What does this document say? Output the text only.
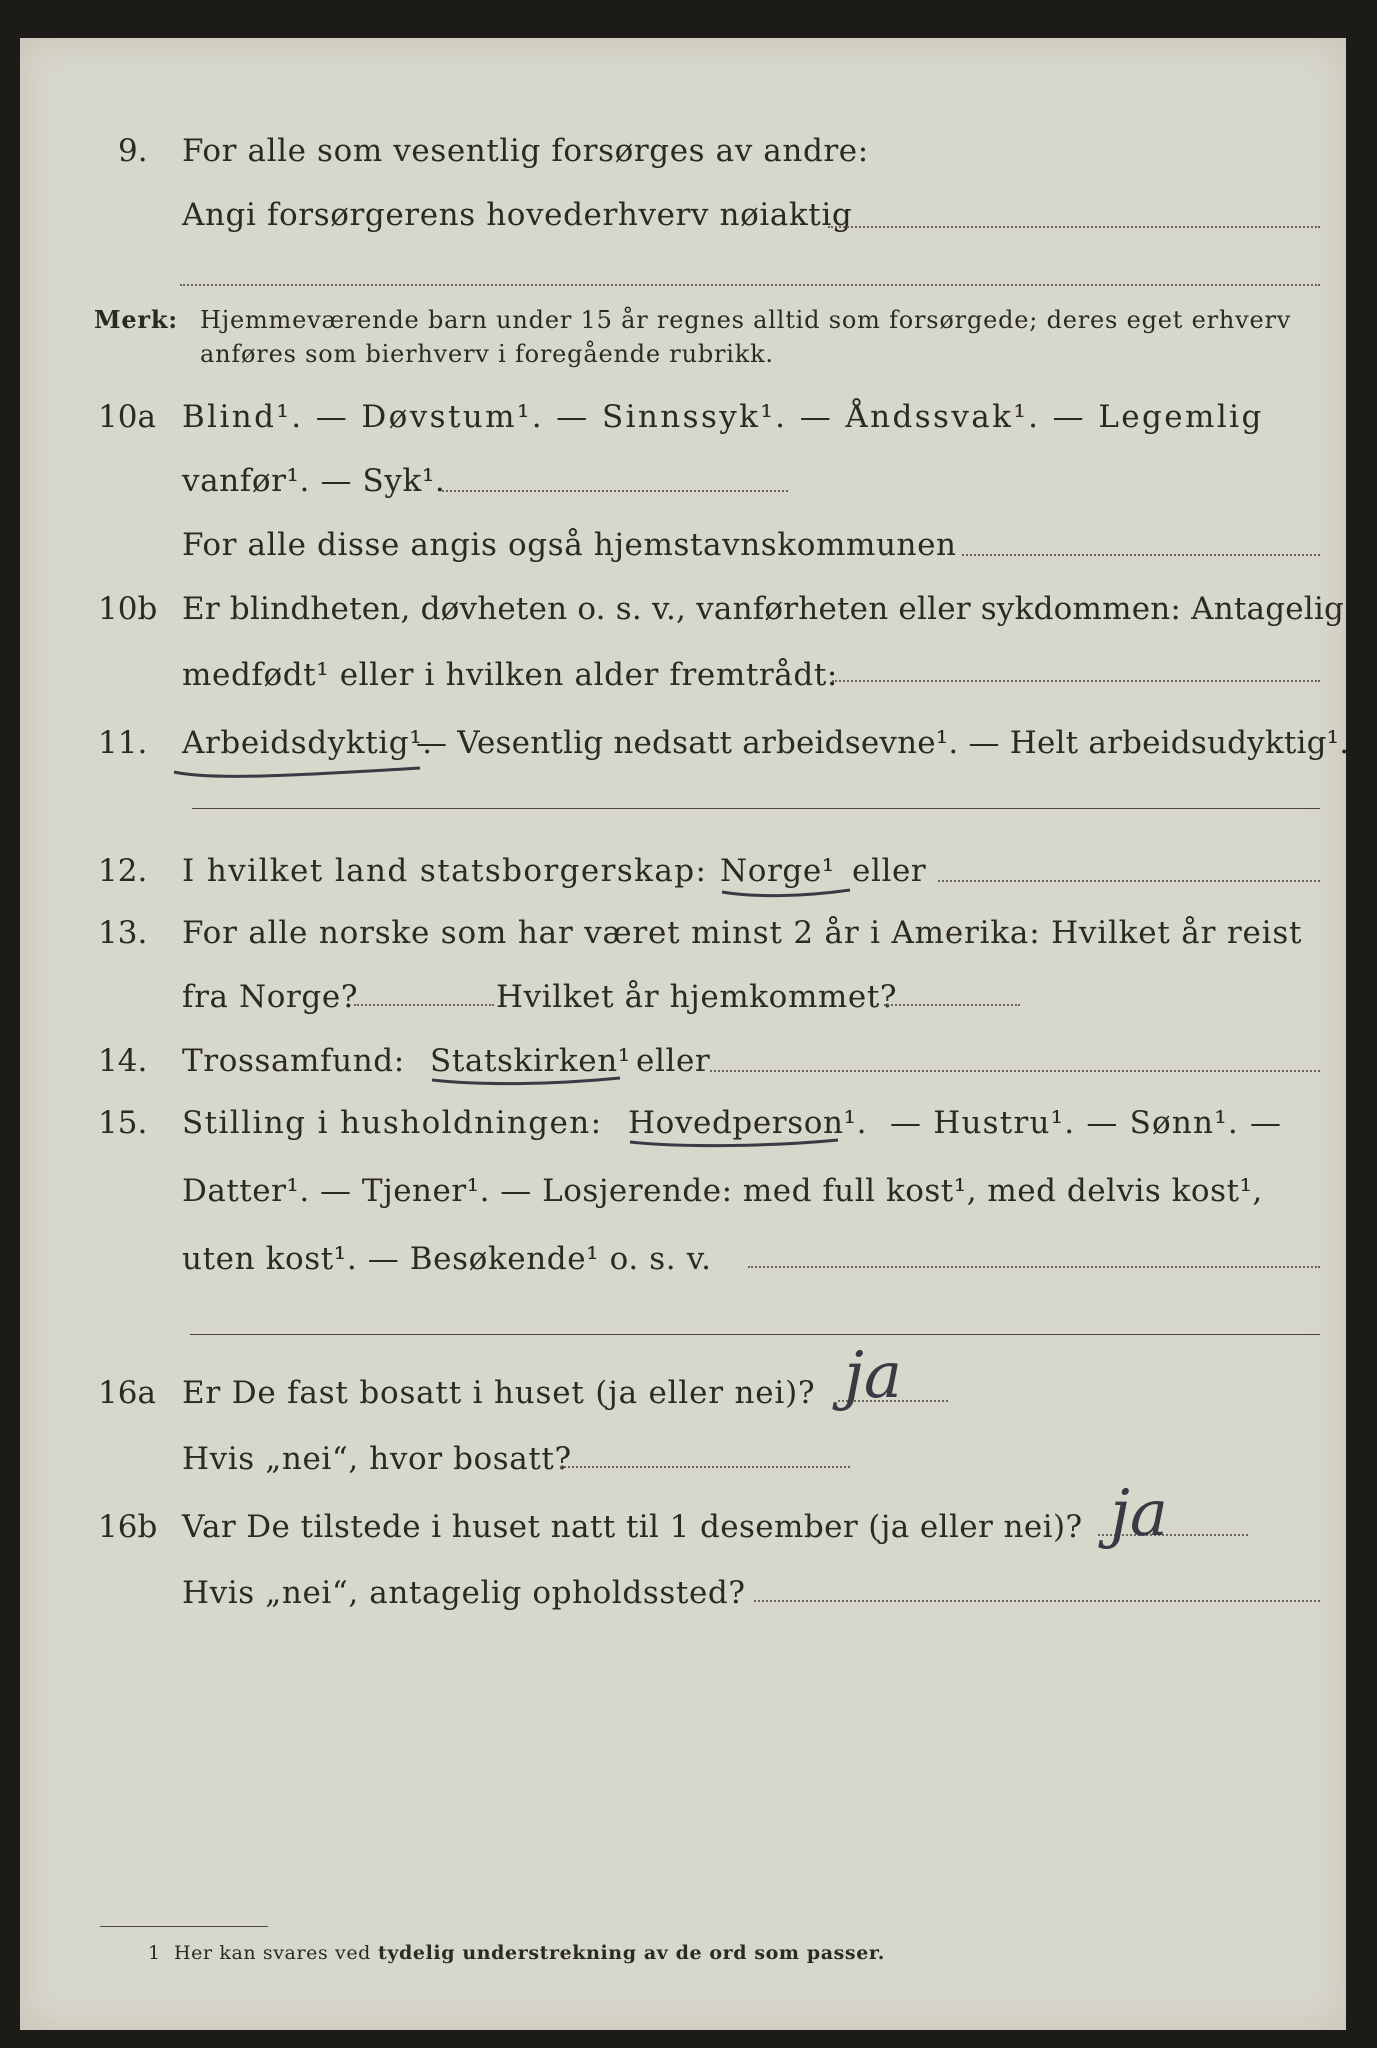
9. For alle som vesentlig forsørges av andre:
Angi forsørgerens hovederhverv nøiaktig
Merk: Hjemmeværende barn under 15 år regnes alltid som forsørgede; deres eget erhverv
anføres som bierhverv i foregående rubrikk.
10a Blind¹. — Døvstum¹. — Sinnssyk¹. — Åndssvak¹. — Legemlig
vanfør¹. — Syk¹.
For alle disse angis også hjemstavnskommunen
10b Er blindheten, døvheten o. s. v., vanførheten eller sykdommen: Antagelig
medfødt¹ eller i hvilken alder fremtrådt:
11. Arbeidsdyktig¹.
— Vesentlig nedsatt arbeidsevne¹. — Helt arbeidsudyktig¹.
12. I hvilket land statsborgerskap: Norge¹ eller
13. For alle norske som har været minst 2 år i Amerika: Hvilket år reist
fra Norge?	Hvilket år hjemkommet?
14. Trossamfund: Statskirken¹ eller
15. Stilling i husholdningen: Hovedperson¹. — Hustru¹. — Sønn¹. —
Datter¹. — Tjener¹. — Losjerende: med full kost¹, med delvis kost¹,
uten kost¹. — Besøkende¹ o. s. v.
16a Er De fast bosatt i huset (ja eller nei)? ja
Hvis „nei“, hvor bosatt?
16b Var De tilstede i huset natt til 1 desember (ja eller nei)? ja
Hvis „nei“, antagelig opholdssted?
1 Her kan svares ved tydelig understrekning av de ord som passer.
